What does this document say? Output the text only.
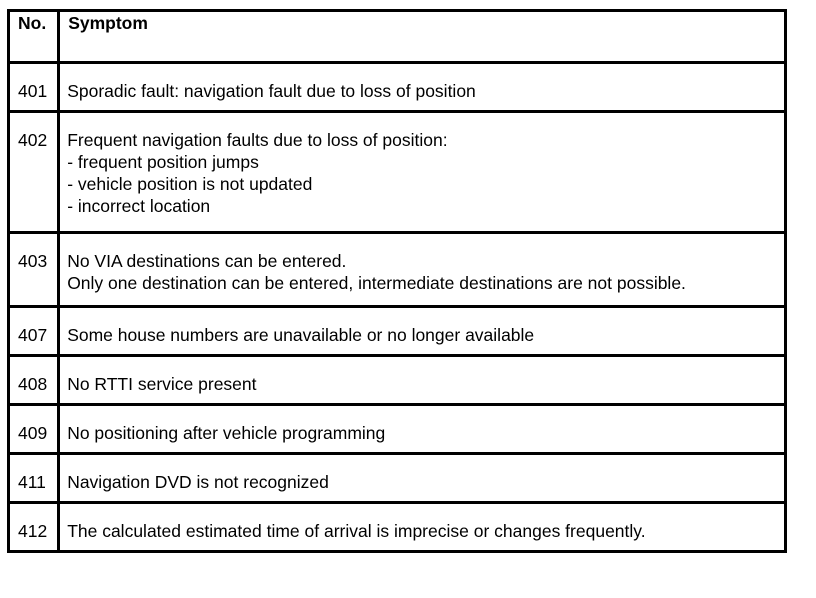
No.	Symptom

401	Sporadic fault: navigation fault due to loss of position

402	Frequent navigation faults due to loss of position:
- frequent position jumps
- vehicle position is not updated
- incorrect location

403	No VIA destinations can be entered.
Only one destination can be entered, intermediate destinations are not possible.

407	Some house numbers are unavailable or no longer available

408	No RTTI service present

409	No positioning after vehicle programming

411	Navigation DVD is not recognized

412	The calculated estimated time of arrival is imprecise or changes frequently.
